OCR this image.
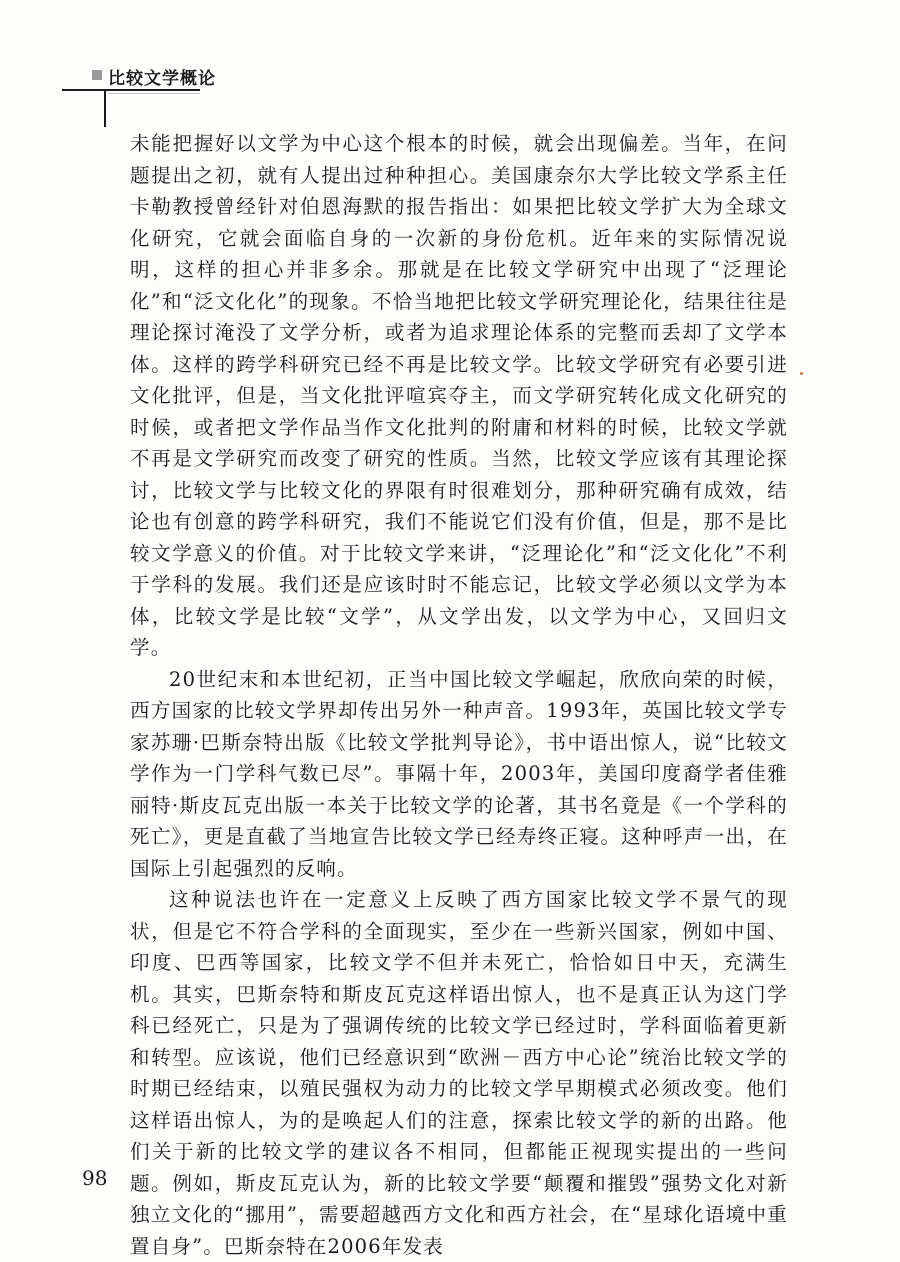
比较文学概论

未能把握好以文学为中心这个根本的时候，就会出现偏差。当年，在问题提出之初，就有人提出过种种担心。美国康奈尔大学比较文学系主任卡勒教授曾经针对伯恩海默的报告指出：如果把比较文学扩大为全球文化研究，它就会面临自身的一次新的身份危机。近年来的实际情况说明，这样的担心并非多余。那就是在比较文学研究中出现了“泛理论化”和“泛文化化”的现象。不恰当地把比较文学研究理论化，结果往往是理论探讨淹没了文学分析，或者为追求理论体系的完整而丢却了文学本体。这样的跨学科研究已经不再是比较文学。比较文学研究有必要引进文化批评，但是，当文化批评喧宾夺主，而文学研究转化成文化研究的时候，或者把文学作品当作文化批判的附庸和材料的时候，比较文学就不再是文学研究而改变了研究的性质。当然，比较文学应该有其理论探讨，比较文学与比较文化的界限有时很难划分，那种研究确有成效，结论也有创意的跨学科研究，我们不能说它们没有价值，但是，那不是比较文学意义的价值。对于比较文学来讲，“泛理论化”和“泛文化化”不利于学科的发展。我们还是应该时时不能忘记，比较文学必须以文学为本体，比较文学是比较“文学”，从文学出发，以文学为中心，又回归文学。

20世纪末和本世纪初，正当中国比较文学崛起，欣欣向荣的时候，西方国家的比较文学界却传出另外一种声音。1993年，英国比较文学专家苏珊·巴斯奈特出版《比较文学批判导论》，书中语出惊人，说“比较文学作为一门学科气数已尽”。事隔十年，2003年，美国印度裔学者佳雅丽特·斯皮瓦克出版一本关于比较文学的论著，其书名竟是《一个学科的死亡》，更是直截了当地宣告比较文学已经寿终正寝。这种呼声一出，在国际上引起强烈的反响。

这种说法也许在一定意义上反映了西方国家比较文学不景气的现状，但是它不符合学科的全面现实，至少在一些新兴国家，例如中国、印度、巴西等国家，比较文学不但并未死亡，恰恰如日中天，充满生机。其实，巴斯奈特和斯皮瓦克这样语出惊人，也不是真正认为这门学科已经死亡，只是为了强调传统的比较文学已经过时，学科面临着更新和转型。应该说，他们已经意识到“欧洲－西方中心论”统治比较文学的时期已经结束，以殖民强权为动力的比较文学早期模式必须改变。他们这样语出惊人，为的是唤起人们的注意，探索比较文学的新的出路。他们关于新的比较文学的建议各不相同，但都能正视现实提出的一些问题。例如，斯皮瓦克认为，新的比较文学要“颠覆和摧毁”强势文化对新独立文化的“挪用”，需要超越西方文化和西方社会，在“星球化语境中重置自身”。巴斯奈特在2006年发表

98
